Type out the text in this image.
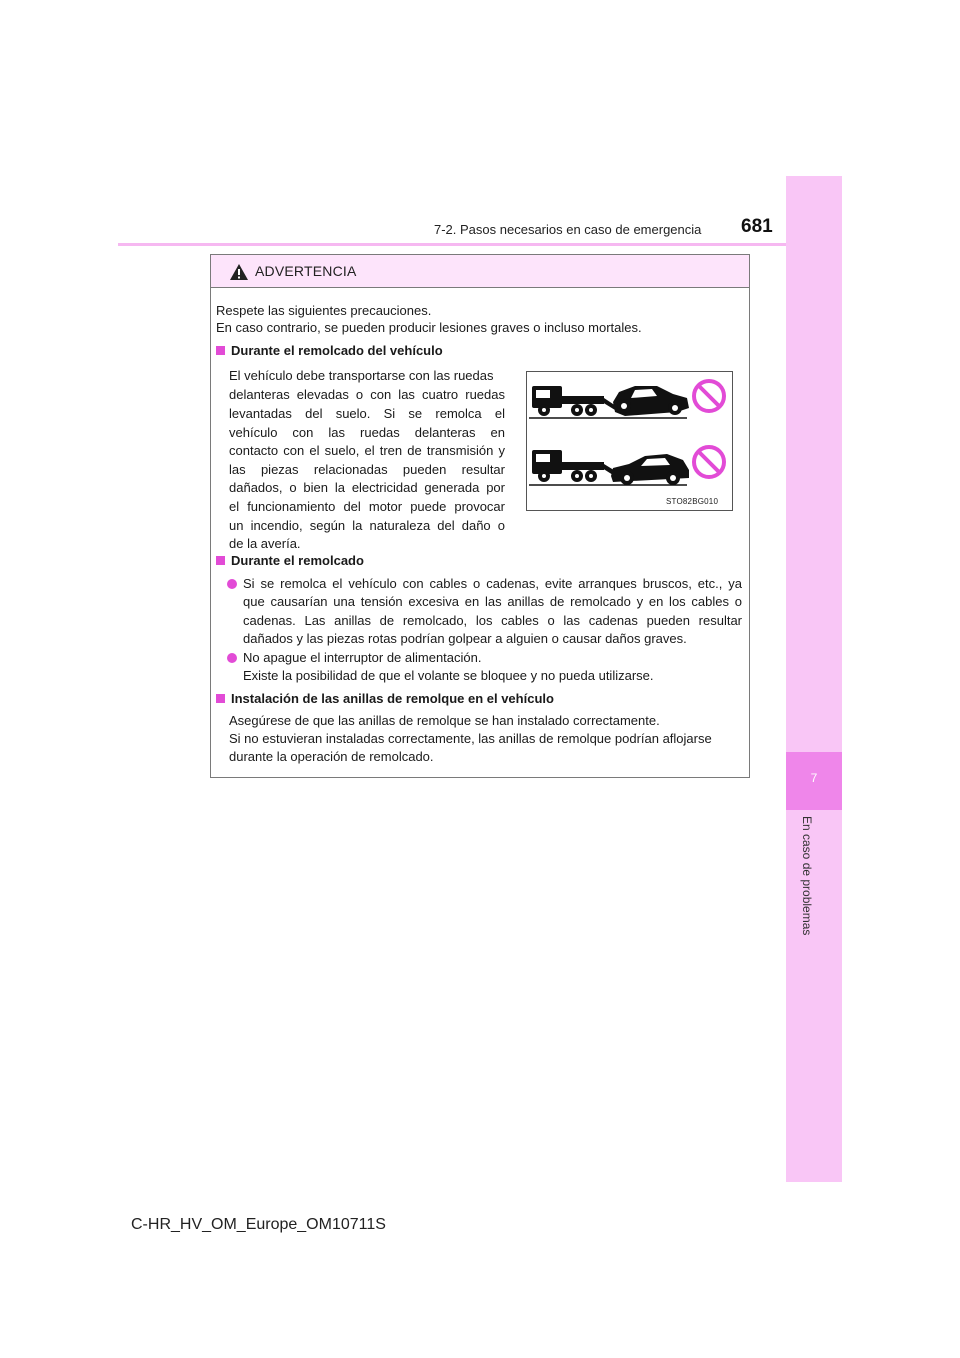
7-2. Pasos necesarios en caso de emergencia 681
7
En caso de problemas
ADVERTENCIA
Respete las siguientes precauciones.
En caso contrario, se pueden producir lesiones graves o incluso mortales.
Durante el remolcado del vehículo
El vehículo debe transportarse con las ruedas
delanteras elevadas o con las cuatro ruedas
levantadas del suelo. Si se remolca el
vehículo con las ruedas delanteras en
contacto con el suelo, el tren de transmisión y
las piezas relacionadas pueden resultar
dañados, o bien la electricidad generada por
el funcionamiento del motor puede provocar
un incendio, según la naturaleza del daño o
de la avería.
STO82BG010
Durante el remolcado
Si se remolca el vehículo con cables o cadenas, evite arranques bruscos, etc., ya
que causarían una tensión excesiva en las anillas de remolcado y en los cables o
cadenas. Las anillas de remolcado, los cables o las cadenas pueden resultar
dañados y las piezas rotas podrían golpear a alguien o causar daños graves.
No apague el interruptor de alimentación.
Existe la posibilidad de que el volante se bloquee y no pueda utilizarse.
Instalación de las anillas de remolque en el vehículo
Asegúrese de que las anillas de remolque se han instalado correctamente.
Si no estuvieran instaladas correctamente, las anillas de remolque podrían aflojarse
durante la operación de remolcado.
C-HR_HV_OM_Europe_OM10711S
